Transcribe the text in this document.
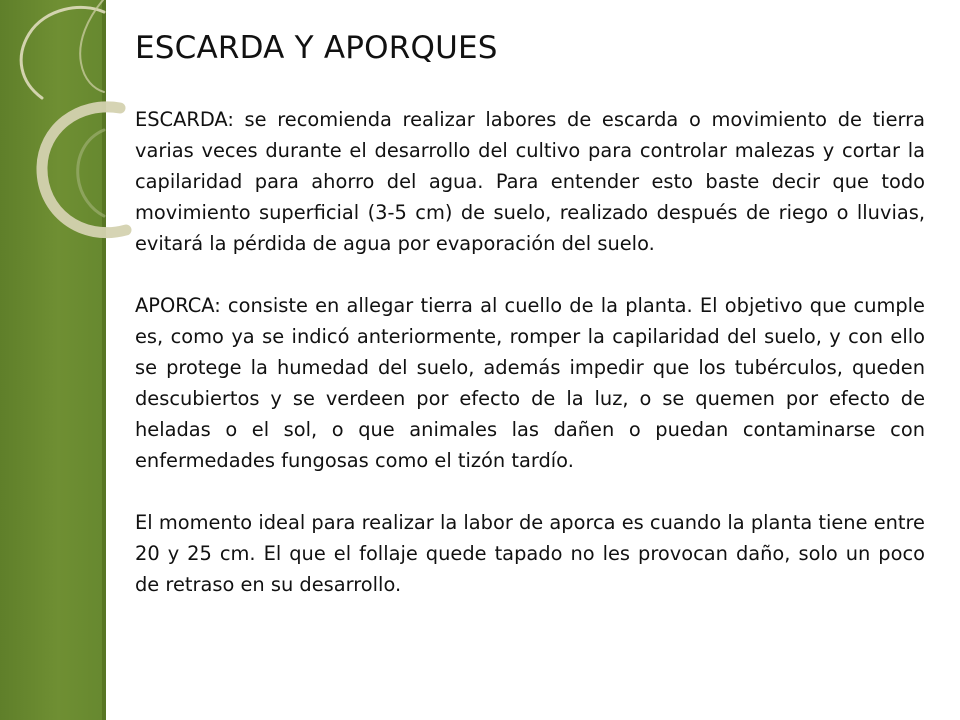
ESCARDA Y APORQUES

ESCARDA: se recomienda realizar labores de escarda o movimiento de tierra varias veces durante el desarrollo del cultivo para controlar malezas y cortar la capilaridad para ahorro del agua. Para entender esto baste decir que todo movimiento superficial (3-5 cm) de suelo, realizado después de riego o lluvias, evitará la pérdida de agua por evaporación del suelo.

APORCA: consiste en allegar tierra al cuello de la planta. El objetivo que cumple es, como ya se indicó anteriormente, romper la capilaridad del suelo, y con ello se protege la humedad del suelo, además impedir que los tubérculos, queden descubiertos y se verdeen por efecto de la luz, o se quemen por efecto de heladas o el sol, o que animales las dañen o puedan contaminarse con enfermedades fungosas como el tizón tardío.

El momento ideal para realizar la labor de aporca es cuando la planta tiene entre 20 y 25 cm. El que el follaje quede tapado no les provocan daño, solo un poco de retraso en su desarrollo.
